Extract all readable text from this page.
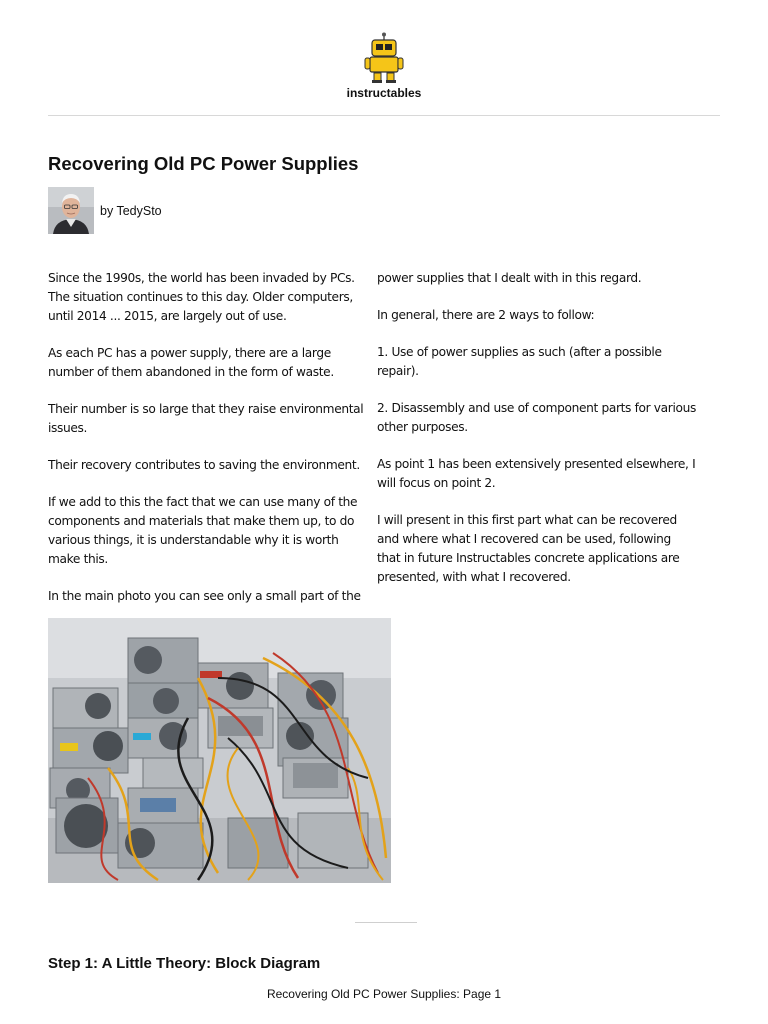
instructables
Recovering Old PC Power Supplies
by TedySto

Since the 1990s, the world has been invaded by PCs. The situation continues to this day. Older computers, until 2014 ... 2015, are largely out of use.

As each PC has a power supply, there are a large number of them abandoned in the form of waste.

Their number is so large that they raise environmental issues.

Their recovery contributes to saving the environment.

If we add to this the fact that we can use many of the components and materials that make them up, to do various things, it is understandable why it is worth make this.

In the main photo you can see only a small part of the

power supplies that I dealt with in this regard.

In general, there are 2 ways to follow:

1. Use of power supplies as such (after a possible repair).

2. Disassembly and use of component parts for various other purposes.

As point 1 has been extensively presented elsewhere, I will focus on point 2.

I will present in this first part what can be recovered and where what I recovered can be used, following that in future Instructables concrete applications are presented, with what I recovered.

Step 1: A Little Theory: Block Diagram
Recovering Old PC Power Supplies: Page 1
